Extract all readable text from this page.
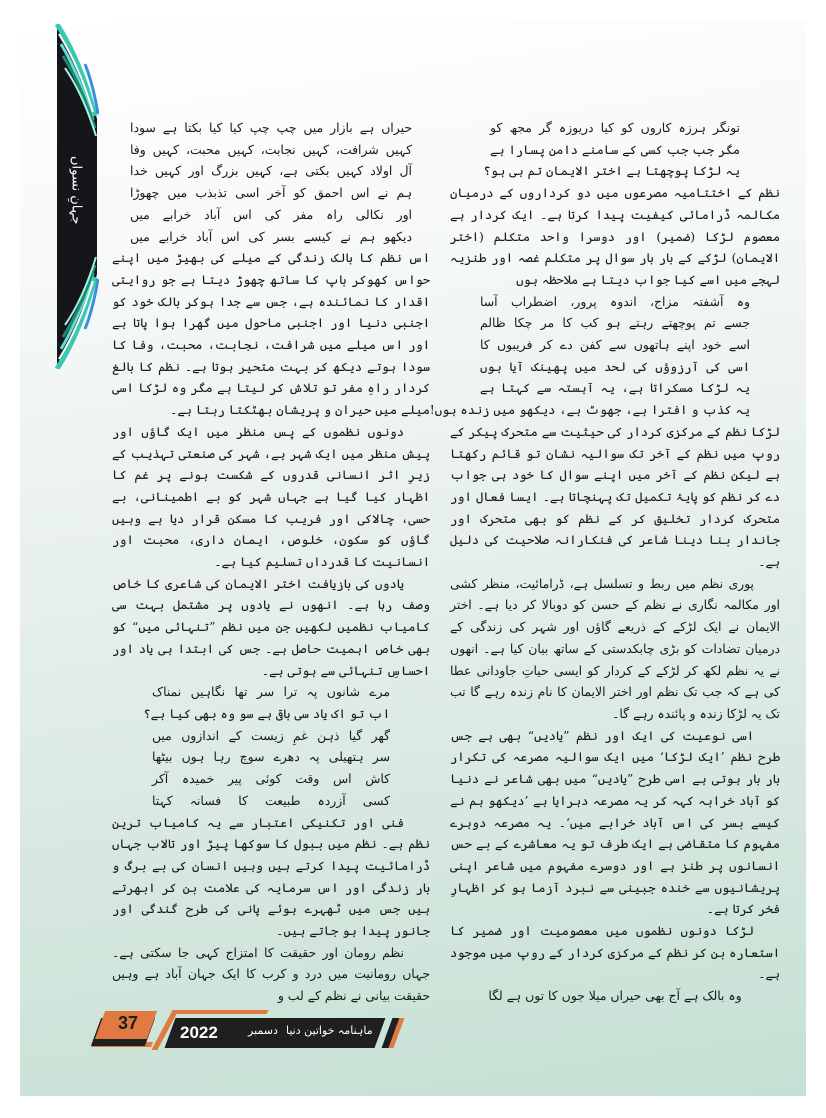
جہانِ نسواں
حیراں ہے بازار میں چپ چپ کیا کیا بکتا ہے سودا
کہیں شرافت، کہیں نجابت، کہیں محبت، کہیں وفا
آل اولاد کہیں بکتی ہے، کہیں بزرگ اور کہیں خدا
ہم نے اس احمق کو آخر اسی تذبذب میں چھوڑا
اور نکالی راہ مفر کی اس آباد خرابے میں
دیکھو ہم نے کیسے بسر کی اس آباد خرابے میں

اس نظم کا بالک زندگی کے میلے کی بھیڑ میں اپنے حواس کھوکر باپ کا ساتھ چھوڑ دیتا ہے جو روایتی اقدار کا نمائندہ ہے، جس سے جدا ہوکر بالک خود کو اجنبی دنیا اور اجنبی ماحول میں گھرا ہوا پاتا ہے اور اس میلے میں شرافت، نجابت، محبت، وفا کا سودا ہوتے دیکھ کر بہت متحیر ہوتا ہے۔ نظم کا بالغ کردار راہِ مفر تو تلاش کر لیتا ہے مگر وہ لڑکا اسی میلے میں حیران و پریشان بھٹکتا رہتا ہے۔

دونوں نظموں کے پس منظر میں ایک گاؤں اور پیش منظر میں ایک شہر ہے، شہر کی صنعتی تہذیب کے زیرِ اثر انسانی قدروں کے شکست ہونے پر غم کا اظہار کیا گیا ہے جہاں شہر کو بے اطمینانی، بے حسی، چالاکی اور فریب کا مسکن قرار دیا ہے وہیں گاؤں کو سکون، خلوص، ایمان داری، محبت اور انسانیت کا قدرداں تسلیم کیا ہے۔

یادوں کی بازیافت اختر الایمان کی شاعری کا خاص وصف رہا ہے۔ انھوں نے یادوں پر مشتمل بہت سی کامیاب نظمیں لکھیں جن میں نظم ”تنہائی میں“ کو بھی خاص اہمیت حاصل ہے۔ جس کی ابتدا ہی یاد اور احساسِ تنہائی سے ہوتی ہے۔

مرے شانوں پہ ترا سر تھا نگاہیں نمناک
اب تو اک یاد سی باقی ہے سو وہ بھی کیا ہے؟
گھر گیا ذہن غمِ زیست کے اندازوں میں
سر ہتھیلی پہ دھرے سوچ رہا ہوں بیٹھا
کاش اس وقت کوئی پیر خمیدہ آکر
کسی آزردہ طبیعت کا فسانہ کہتا

فنی اور تکنیکی اعتبار سے یہ کامیاب ترین نظم ہے۔ نظم میں ببول کا سوکھا پیڑ اور تالاب جہاں ڈرامائیت پیدا کرتے ہیں وہیں انسان کی بے برگ و بار زندگی اور اس سرمایہ کی علامت بن کر ابھرتے ہیں جس میں ٹھہرے ہوئے پانی کی طرح گندگی اور جانور پیدا ہو جاتے ہیں۔

نظم رومان اور حقیقت کا امتزاج کہی جا سکتی ہے۔ جہاں رومانیت میں درد و کرب کا ایک جہان آباد ہے وہیں حقیقت بیانی نے نظم کے لب و

تونگر ہرزہ کاروں کو کیا دریوزہ گر مجھ کو
مگر جب جب کسی کے سامنے دامن پسارا ہے
یہ لڑکا پوچھتا ہے اختر الایمان تم ہی ہو؟

نظم کے اختتامیہ مصرعوں میں دو کرداروں کے درمیان مکالمہ ڈرامائی کیفیت پیدا کرتا ہے۔ ایک کردار ہے معصوم لڑکا (ضمیر) اور دوسرا واحد متکلم (اختر الایمان) لڑکے کے بار بار سوال پر متکلم غصہ اور طنزیہ لہجے میں اسے کیا جواب دیتا ہے ملاحظہ ہوں

وہ آشفتہ مزاج، اندوہ پرور، اضطراب آسا
جسے تم پوچھتے رہتے ہو کب کا مر چکا ظالم
اسے خود اپنے ہاتھوں سے کفن دے کر فریبوں کا
اسی کی آرزوؤں کی لحد میں پھینک آیا ہوں
یہ لڑکا مسکراتا ہے، یہ آہستہ سے کہتا ہے
یہ کذب و افترا ہے، جھوٹ ہے، دیکھو میں زندہ ہوں!

لڑکا نظم کے مرکزی کردار کی حیثیت سے متحرک پیکر کے روپ میں نظم کے آخر تک سوالیہ نشان تو قائم رکھتا ہے لیکن نظم کے آخر میں اپنے سوال کا خود ہی جواب دے کر نظم کو پایۂ تکمیل تک پہنچاتا ہے۔ ایسا فعال اور متحرک کردار تخلیق کر کے نظم کو بھی متحرک اور جاندار بنا دینا شاعر کی فنکارانہ صلاحیت کی دلیل ہے۔

پوری نظم میں ربط و تسلسل ہے، ڈرامائیت، منظر کشی اور مکالمہ نگاری نے نظم کے حسن کو دوبالا کر دیا ہے۔ اختر الایمان نے ایک لڑکے کے ذریعے گاؤں اور شہر کی زندگی کے درمیان تضادات کو بڑی چابکدستی کے ساتھ بیان کیا ہے۔ انھوں نے یہ نظم لکھ کر لڑکے کے کردار کو ایسی حیاتِ جاودانی عطا کی ہے کہ جب تک نظم اور اختر الایمان کا نام زندہ رہے گا تب تک یہ لڑکا زندہ و پائندہ رہے گا۔

اسی نوعیت کی ایک اور نظم ”یادیں“ بھی ہے جس طرح نظم ’ایک لڑکا‘ میں ایک سوالیہ مصرعہ کی تکرار بار بار ہوتی ہے اسی طرح ”یادیں“ میں بھی شاعر نے دنیا کو آباد خرابہ کہہ کر یہ مصرعہ دہرایا ہے ’دیکھو ہم نے کیسے بسر کی اس آباد خرابے میں‘۔ یہ مصرعہ دوہرے مفہوم کا متقاضی ہے ایک طرف تو یہ معاشرے کے بے حس انسانوں پر طنز ہے اور دوسرے مفہوم میں شاعر اپنی پریشانیوں سے خندہ جبینی سے نبرد آزما ہو کر اظہارِ فخر کرتا ہے۔

لڑکا دونوں نظموں میں معصومیت اور ضمیر کا استعارہ بن کر نظم کے مرکزی کردار کے روپ میں موجود ہے۔

وہ بالک ہے آج بھی حیراں میلا جوں کا توں ہے لگا
37	2022	دسمبر ماہنامہ خواتین دنیا
